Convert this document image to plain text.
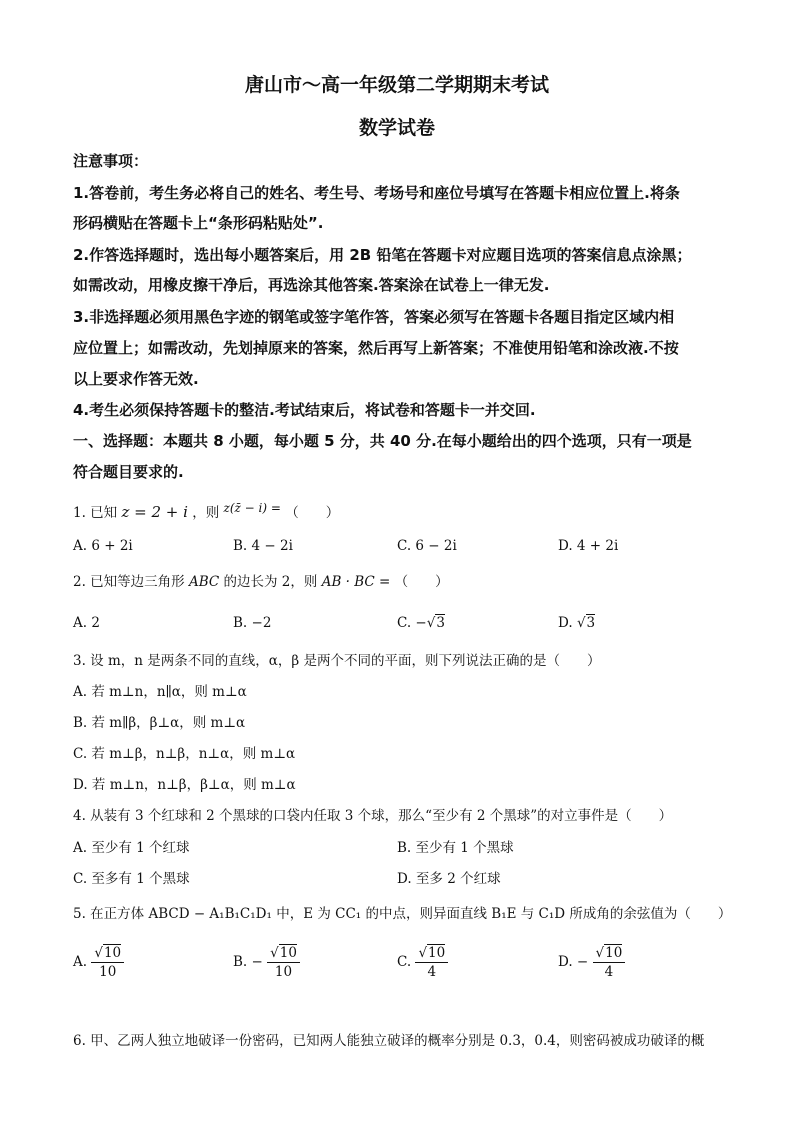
唐山市～高一年级第二学期期末考试
数学试卷
注意事项：
1.答卷前，考生务必将自己的姓名、考生号、考场号和座位号填写在答题卡相应位置上.将条
形码横贴在答题卡上“条形码粘贴处”.
2.作答选择题时，选出每小题答案后，用 2B 铅笔在答题卡对应题目选项的答案信息点涂黑；
如需改动，用橡皮擦干净后，再选涂其他答案.答案涂在试卷上一律无发.
3.非选择题必须用黑色字迹的钢笔或签字笔作答，答案必须写在答题卡各题目指定区域内相
应位置上；如需改动，先划掉原来的答案，然后再写上新答案；不准使用铅笔和涂改液.不按
以上要求作答无效.
4.考生必须保持答题卡的整洁.考试结束后，将试卷和答题卡一并交回.
一、选择题：本题共 8 小题，每小题 5 分，共 40 分.在每小题给出的四个选项，只有一项是
符合题目要求的.
1. 已知 z = 2 + i ，则 z(z̄ − i) = （　　）
A. 6 + 2i	B. 4 − 2i	C. 6 − 2i	D. 4 + 2i
2. 已知等边三角形 ABC 的边长为 2，则 AB · BC = （　　）
A. 2	B. −2	C. −√3	D. √3
3. 设 m，n 是两条不同的直线，α，β 是两个不同的平面，则下列说法正确的是（　　）
A. 若 m⊥n，n∥α，则 m⊥α
B. 若 m∥β，β⊥α，则 m⊥α
C. 若 m⊥β，n⊥β，n⊥α，则 m⊥α
D. 若 m⊥n，n⊥β，β⊥α，则 m⊥α
4. 从装有 3 个红球和 2 个黑球的口袋内任取 3 个球，那么“至少有 2 个黑球”的对立事件是（　　）
A. 至少有 1 个红球	B. 至少有 1 个黑球
C. 至多有 1 个黑球	D. 至多 2 个红球
5. 在正方体 ABCD − A₁B₁C₁D₁ 中，E 为 CC₁ 的中点，则异面直线 B₁E 与 C₁D 所成角的余弦值为（　　）
A. $\frac{√10}{10}$	B. − $\frac{√10}{10}$	C. $\frac{√10}{4}$	D. − $\frac{√10}{4}$
6. 甲、乙两人独立地破译一份密码，已知两人能独立破译的概率分别是 0.3，0.4，则密码被成功破译的概
